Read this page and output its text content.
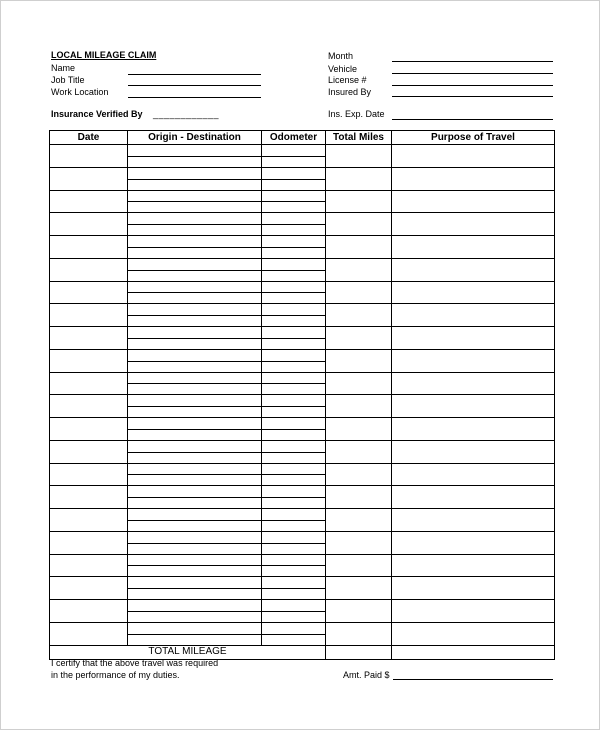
LOCAL MILEAGE CLAIM
Name
Job Title
Work Location
Month
Vehicle
License #
Insured By
Insurance Verified By ____________	Ins. Exp. Date
Date	Origin - Destination	Odometer	Total Miles	Purpose of Travel

TOTAL MILEAGE				
I certify that the above travel was required
in the performance of my duties.	Amt. Paid $
